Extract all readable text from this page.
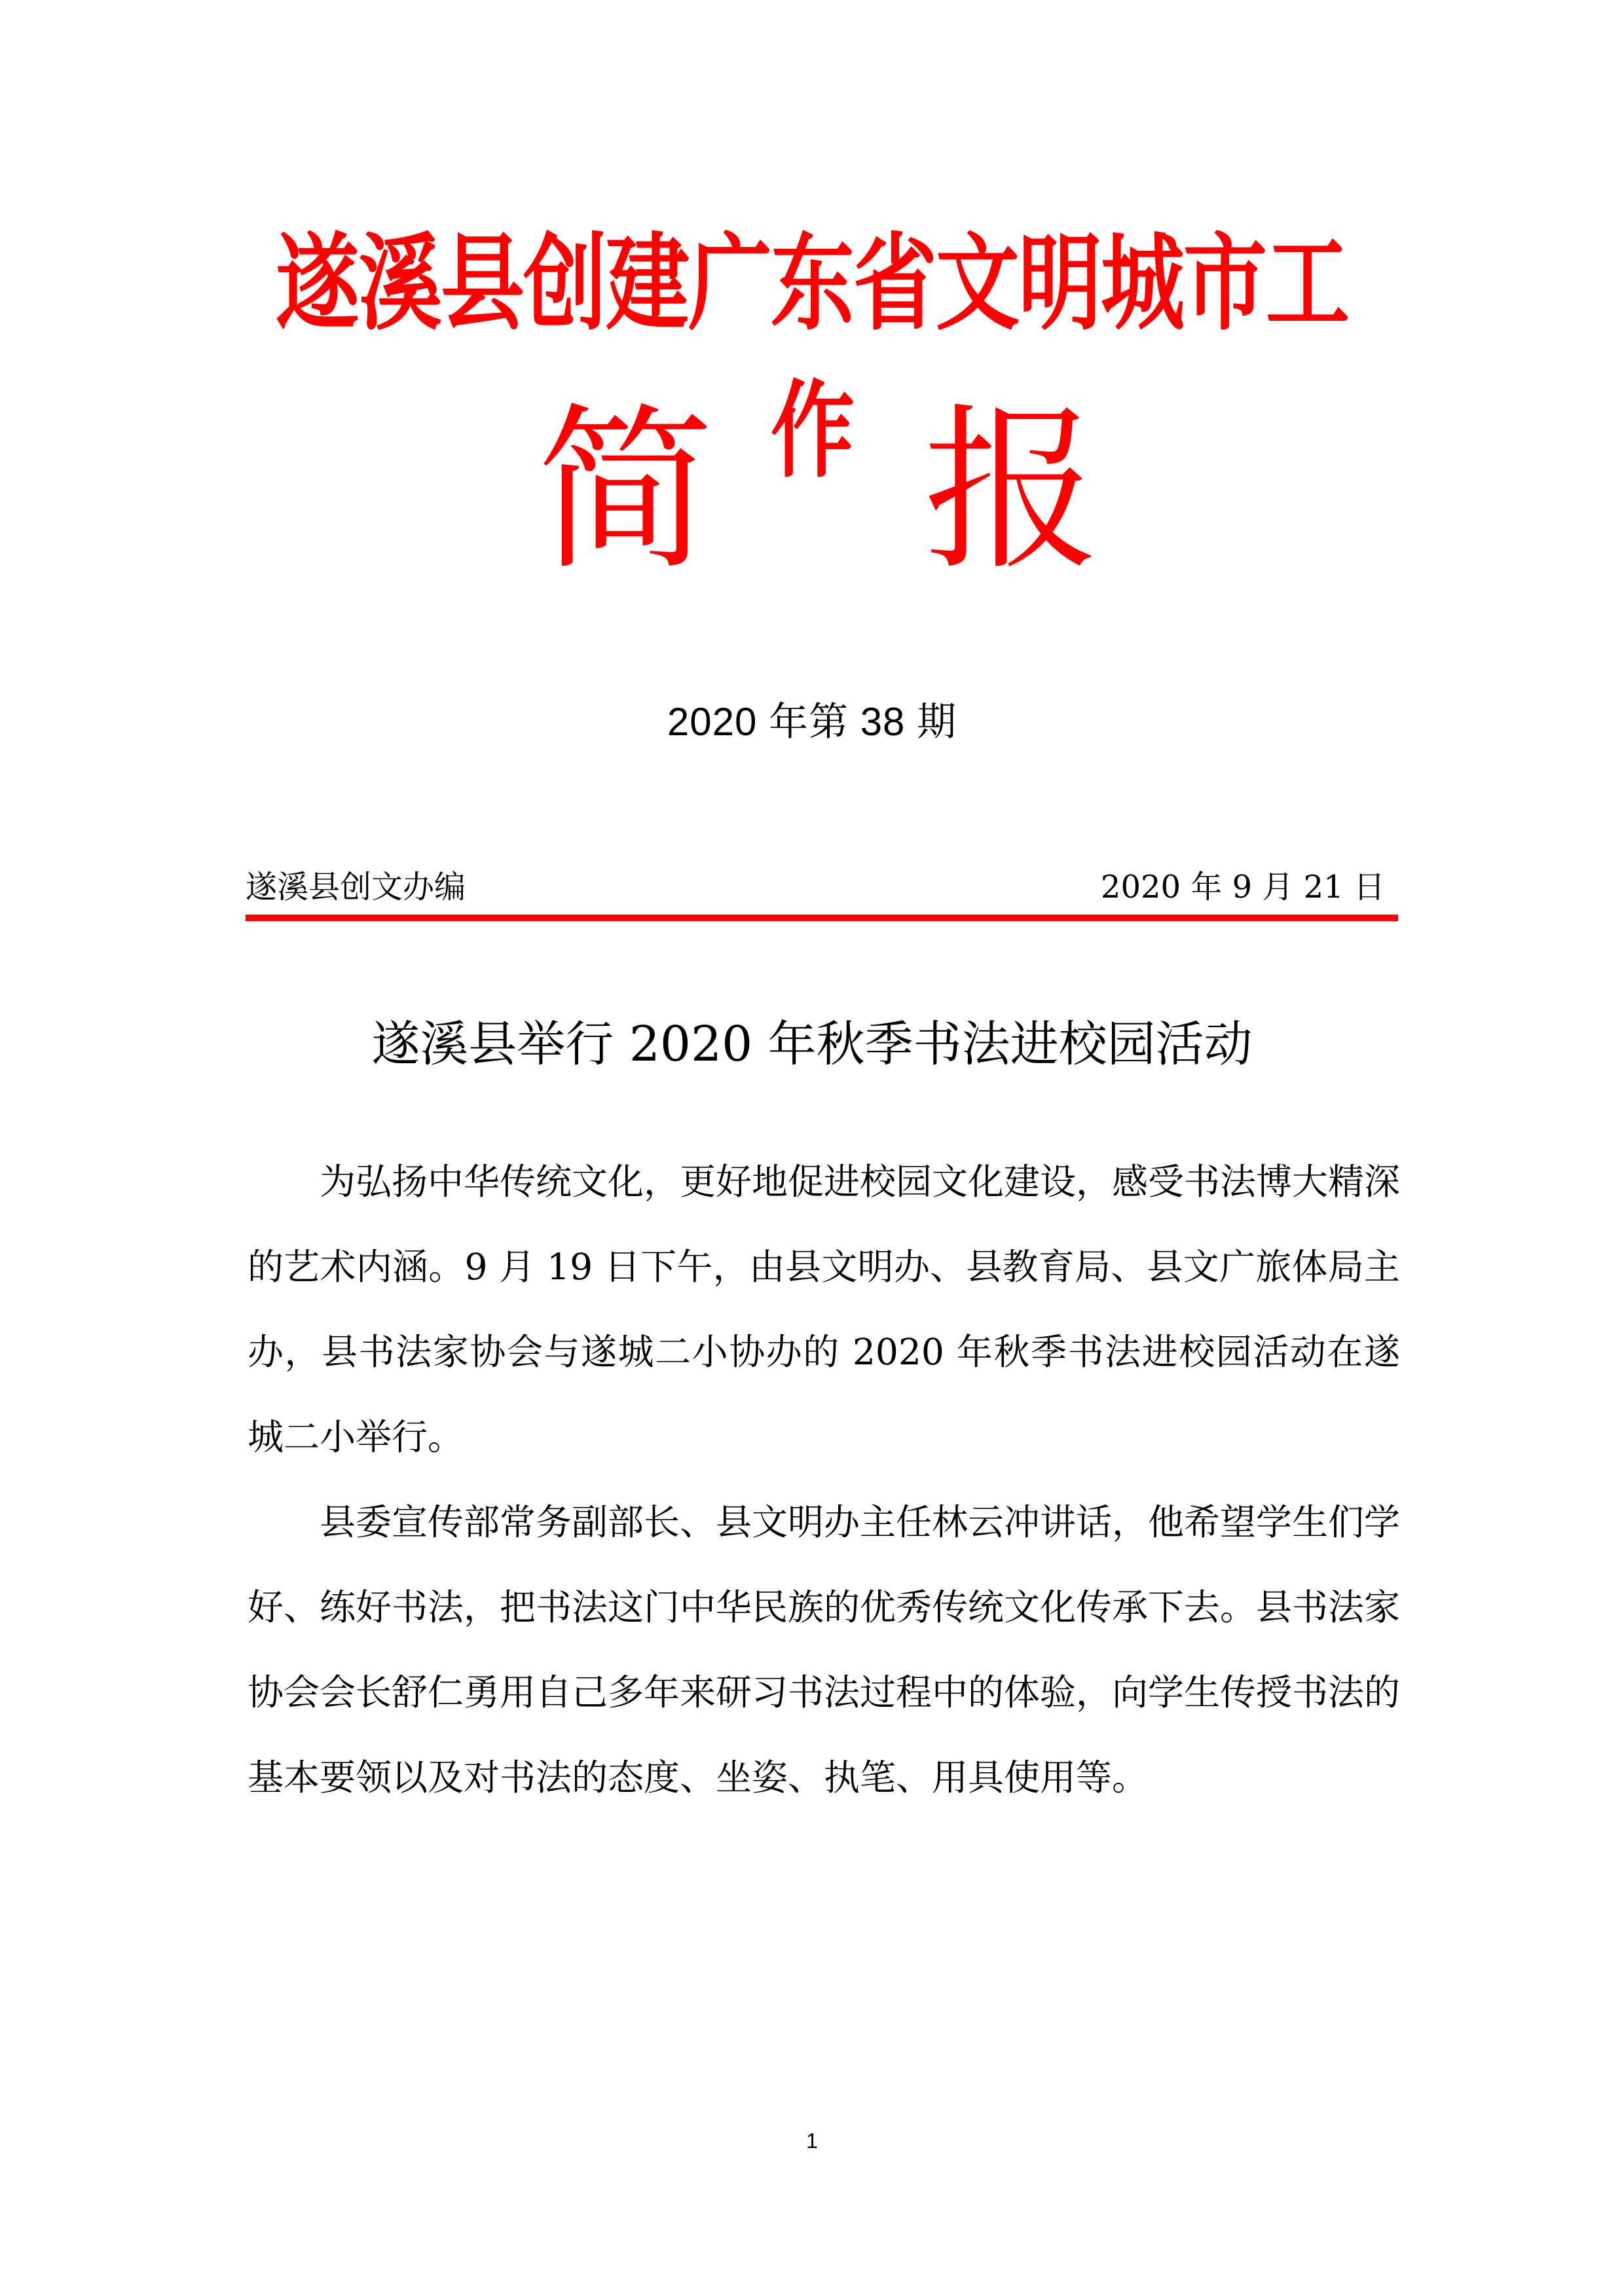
遂溪县创建广东省文明城市工作
简 报
2020 年第 38 期
遂溪县创文办编	2020 年 9 月 21 日
遂溪县举行 2020 年秋季书法进校园活动

为弘扬中华传统文化，更好地促进校园文化建设，感受书法博大精深的艺术内涵。9 月 19 日下午，由县文明办、县教育局、县文广旅体局主办，县书法家协会与遂城二小协办的 2020 年秋季书法进校园活动在遂城二小举行。

县委宣传部常务副部长、县文明办主任林云冲讲话，他希望学生们学好、练好书法，把书法这门中华民族的优秀传统文化传承下去。县书法家协会会长舒仁勇用自己多年来研习书法过程中的体验，向学生传授书法的基本要领以及对书法的态度、坐姿、执笔、用具使用等。

1
